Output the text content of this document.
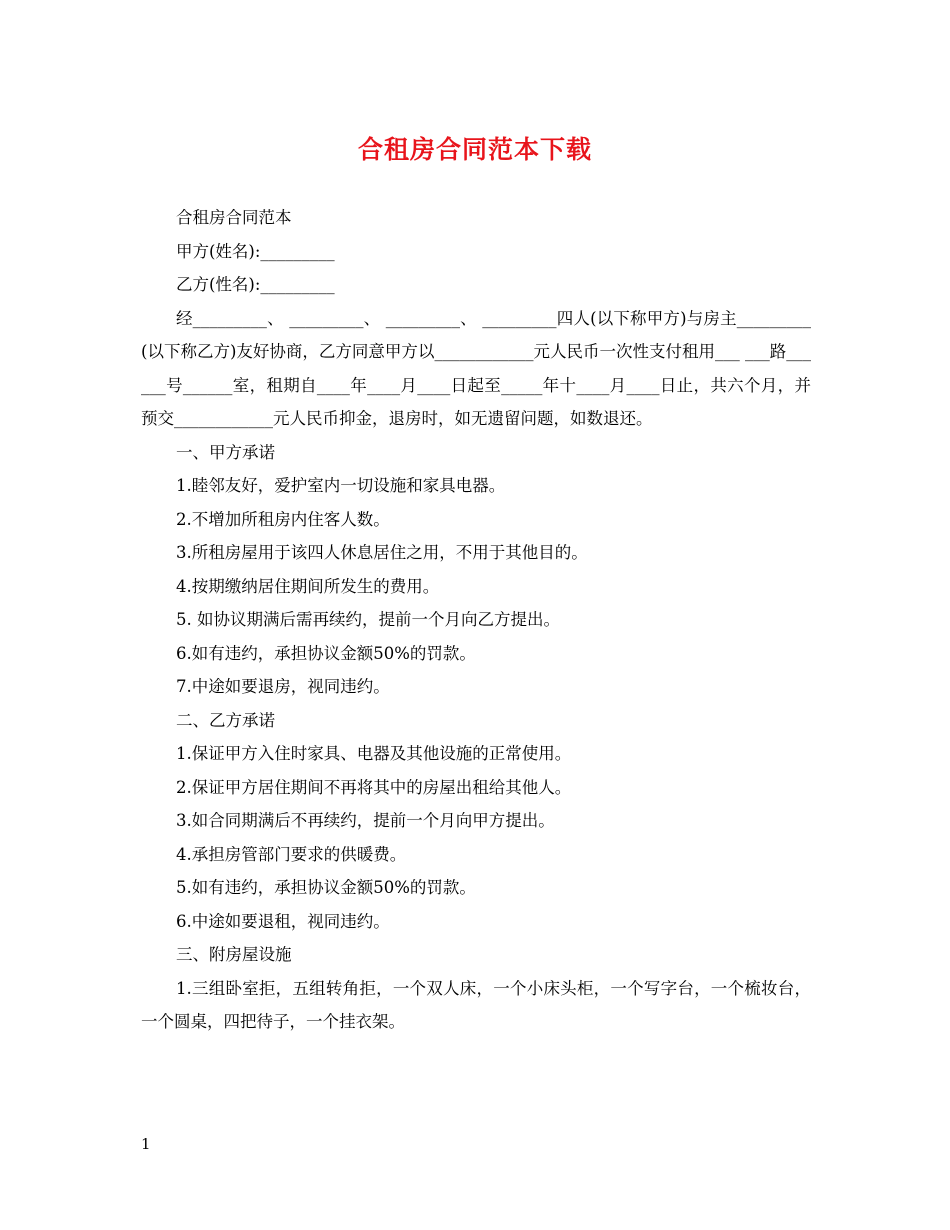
合租房合同范本下载

合租房合同范本

甲方(姓名):_________

乙方(性名):_________

经_________、 _________、 _________、 _________四人(以下称甲方)与房主_________(以下称乙方)友好协商，乙方同意甲方以____________元人民币一次性支付租用___ ___路______号______室，租期自____年____月____日起至_____年十____月____日止，共六个月，并预交____________元人民币抑金，退房时，如无遗留问题，如数退还。

一、甲方承诺

1.睦邻友好，爱护室内一切设施和家具电器。

2.不增加所租房内住客人数。

3.所租房屋用于该四人休息居住之用，不用于其他目的。

4.按期缴纳居住期间所发生的费用。

5. 如协议期满后需再续约，提前一个月向乙方提出。

6.如有违约，承担协议金额50%的罚款。

7.中途如要退房，视同违约。

二、乙方承诺

1.保证甲方入住时家具、电器及其他设施的正常使用。

2.保证甲方居住期间不再将其中的房屋出租给其他人。

3.如合同期满后不再续约，提前一个月向甲方提出。

4.承担房管部门要求的供暖费。

5.如有违约，承担协议金额50%的罚款。

6.中途如要退租，视同违约。

三、附房屋设施

1.三组卧室拒，五组转角拒，一个双人床，一个小床头柜，一个写字台，一个梳妆台，一个圆桌，四把待子，一个挂衣架。

1
